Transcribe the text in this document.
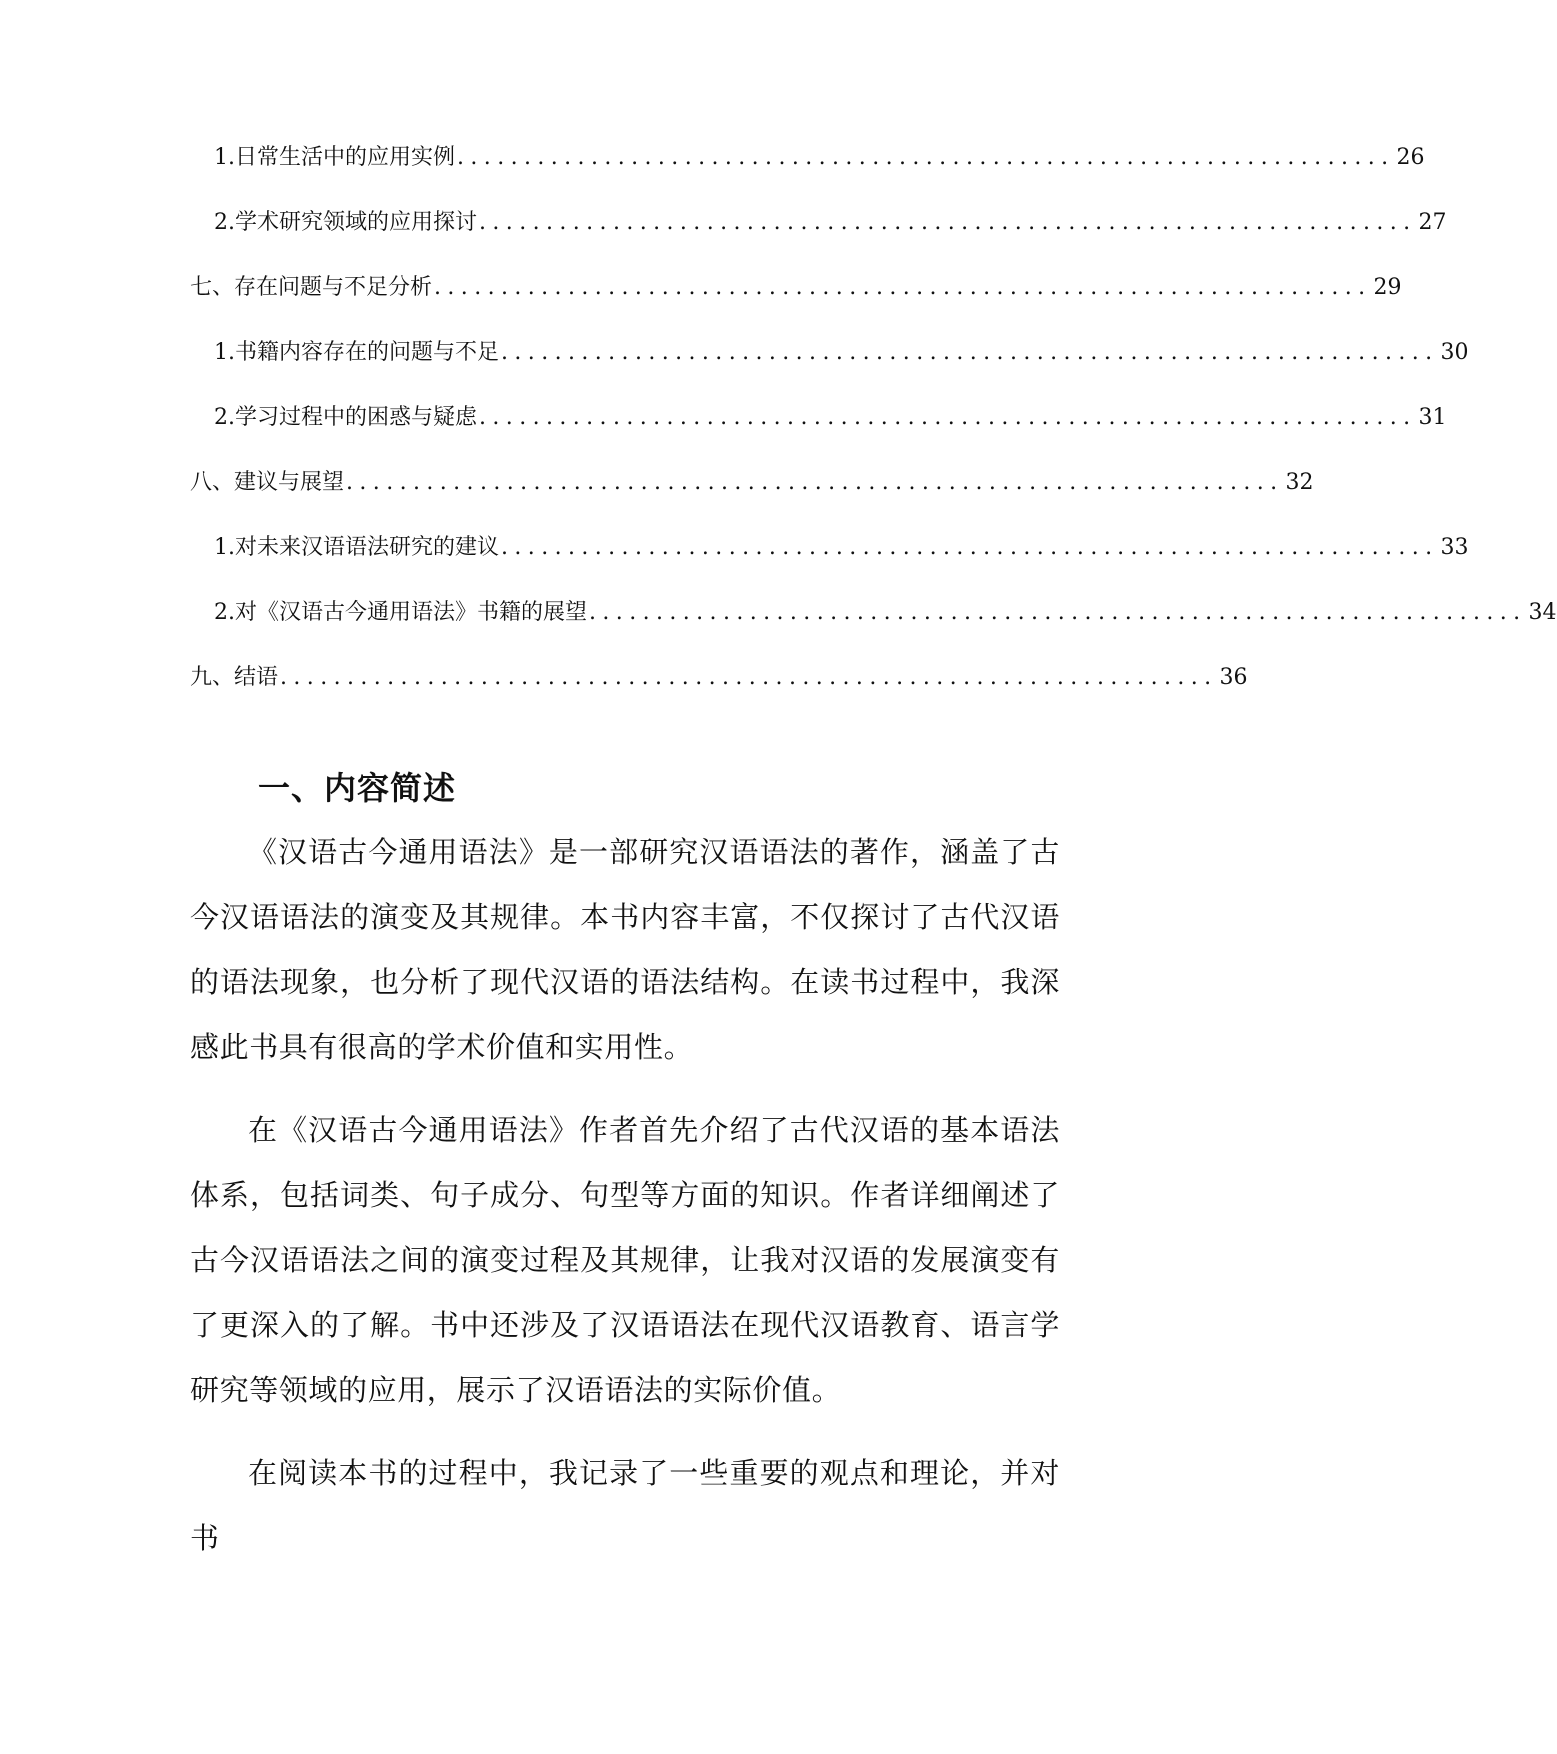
1. 日常生活中的应用实例 ...................................................................... 26
2. 学术研究领域的应用探讨 ...................................................................... 27
七、存在问题与不足分析 ...................................................................... 29
1. 书籍内容存在的问题与不足 ...................................................................... 30
2. 学习过程中的困惑与疑虑 ...................................................................... 31
八、建议与展望 ...................................................................... 32
1. 对未来汉语语法研究的建议 ...................................................................... 33
2. 对《汉语古今通用语法》书籍的展望 ...................................................................... 34
九、结语 ...................................................................... 36
一、内容简述

《汉语古今通用语法》是一部研究汉语语法的著作，涵盖了古今汉语语法的演变及其规律。本书内容丰富，不仅探讨了古代汉语的语法现象，也分析了现代汉语的语法结构。在读书过程中，我深感此书具有很高的学术价值和实用性。

在《汉语古今通用语法》作者首先介绍了古代汉语的基本语法体系，包括词类、句子成分、句型等方面的知识。作者详细阐述了古今汉语语法之间的演变过程及其规律，让我对汉语的发展演变有了更深入的了解。书中还涉及了汉语语法在现代汉语教育、语言学研究等领域的应用，展示了汉语语法的实际价值。

在阅读本书的过程中，我记录了一些重要的观点和理论，并对书
